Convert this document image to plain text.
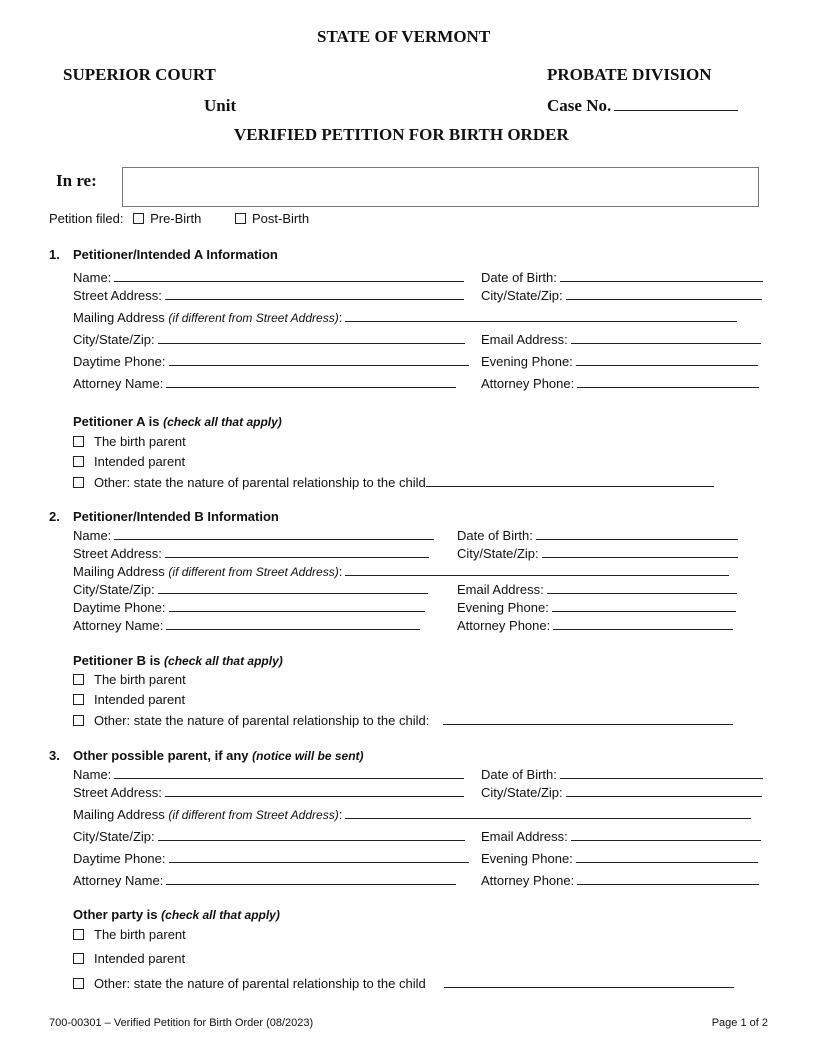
STATE OF VERMONT
SUPERIOR COURT	PROBATE DIVISION
Unit	Case No.
VERIFIED PETITION FOR BIRTH ORDER
In re:
Petition filed: Pre-Birth	Post-Birth
1. Petitioner/Intended A Information
Name:	Date of Birth:
Street Address:	City/State/Zip:
Mailing Address (if different from Street Address):
City/State/Zip:	Email Address:
Daytime Phone:	Evening Phone:
Attorney Name:	Attorney Phone:
Petitioner A is (check all that apply)
The birth parent
Intended parent
Other: state the nature of parental relationship to the child
2. Petitioner/Intended B Information
Name:	Date of Birth:
Street Address:	City/State/Zip:
Mailing Address (if different from Street Address):
City/State/Zip:	Email Address:
Daytime Phone:	Evening Phone:
Attorney Name:	Attorney Phone:
Petitioner B is (check all that apply)
The birth parent
Intended parent
Other: state the nature of parental relationship to the child:
3. Other possible parent, if any (notice will be sent)
Name:	Date of Birth:
Street Address:	City/State/Zip:
Mailing Address (if different from Street Address):
City/State/Zip:	Email Address:
Daytime Phone:	Evening Phone:
Attorney Name:	Attorney Phone:
Other party is (check all that apply)
The birth parent
Intended parent
Other: state the nature of parental relationship to the child
700-00301 – Verified Petition for Birth Order (08/2023)	Page 1 of 2
